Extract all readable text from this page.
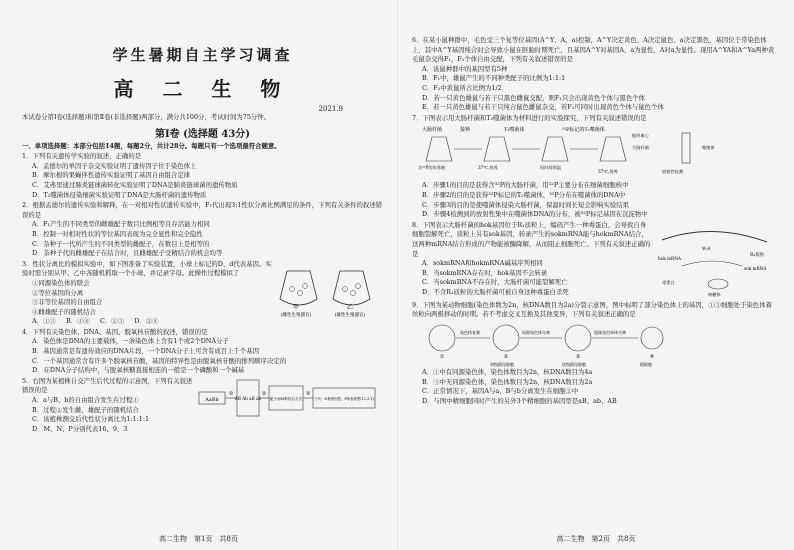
学生暑期自主学习调查
高 二 生 物
2021.9
本试卷分第Ⅰ卷(选择题)和第Ⅱ卷(非选择题)两部分，满分共100分，考试时间为75分钟。
第Ⅰ卷 (选择题 43分)
一、单项选择题：本部分包括14题，每题2分，共计28分。每题只有一个选项最符合题意。
1．下列有关遗传学实验的叙述，正确的是
A．孟德尔的单因子杂交实验证明了遗传因子位于染色体上
B．摩尔根的果蝇伴性遗传实验证明了基因自由组合定律
C．艾弗里通过肺炎链球菌转化实验证明了DNA是肺炎链球菌的遗传物质
D．T₂噬菌体侵染细菌实验证明了DNA是大肠杆菌的遗传物质
2．根据孟德尔的遗传实验和解释，在一对相对性状遗传实验中，F₂代出现3:1性状分离比例满足的条件，下列有关条件的叙述错误的是
A．F₁产生的不同类型的雌雄配子数目比例相等且存活能力相同
B．控制一对相对性状的等位基因表现为完全显性和完全隐性
C．杂种子一代所产生的不同类型的雌配子，在数目上是相等的
D．杂种子代的雌雄配子在结合时，且雌雄配子受精结合的机会均等
3．性状分离比的模拟实验中，如下图准备了实验装置，小球上标记的D、d代表基因。实验时需分别从甲、乙中各随机抓取一个小球，并记录字母。此操作过程模拟了
①同源染色体的联会
②等位基因的分离
③非等位基因的自由组合
④雌雄配子的随机结合
A．①③ B．①④ C．②③ D．②④
甲	乙
(雌性生殖器官)	(雄性生殖器官)
4．下列有关染色体、DNA、基因、脱氧核苷酸的叙述，错误的是
A．染色体是DNA的主要载体，一条染色体上含有1个或2个DNA分子
B．基因通常是有遗传效应的DNA片段，一个DNA分子上可含有成百上千个基因
C．一个基因通常含有许多个脱氧核苷酸，基因的特异性是由脱氧核苷酸的排列顺序决定的
D．在DNA分子结构中，与脱氧核糖直接相连的一般是一个磷酸和一个碱基
5．右图为某植株自交产生后代过程的示意图，下列有关叙述错误的是
A．a与B、b的自由组合发生在过程①
B．过程②发生雌、雄配子的随机结合
C．该植株测交后代性状分离比为1:1:1:1
D．M、N、P分别代表16、9、3
AaBb
①
AB Ab aB ab
②
配子间M种结合方式
③
子代：N种基因型，P种表现型(12:3:1)
高二生物　第1页　共8页
6．在某小鼠种群中，毛色受三个复等位基因(A^Y、A、a)控制，A^Y决定黄色、A决定鼠色、a决定黑色，基因位于常染色体上，其中A^Y基因纯合时会导致小鼠在胚胎时期死亡，且基因A^Y对基因A、a为显性，A对a为显性。现用A^YA和A^Ya两种黄毛鼠杂交得F₁，F₁个体自由交配，下列有关叙述错误的是
A．该鼠种群中的基因型有5种
B．F₁中，雄鼠产生的不同种类配子的比例为1:1:1
C．F₂中黄鼠所占比例为1/2
D．若一只黄色雄鼠与若干只黑色雌鼠交配，则F₁只会出现黄色个体与黑色个体
E．若一只黄色雄鼠与若干只纯合鼠色雌鼠杂交，若F₁可同时出现黄色个体与鼠色个体
7．下图表示用大肠杆菌和T₂噬菌体为材料进行的实验探究，下列有关叙述错误的是
大肠杆菌	接种	T₂噬菌体	³²P标记的T₂噬菌体
含³²P的培养液	37℃,培养	短时间保温
搅拌离心
大肠杆菌
放射性检测
37℃,培养
噬菌体
A．步骤1的目的是获得含³²P的大肠杆菌，用³²P主要分布在细菌细胞核中
B．步骤2的目的是获得³²P标记的T₂噬菌体，³²P分布在噬菌体的DNA中
C．步骤3的目的是使噬菌体侵染大肠杆菌，保温时间长短会影响实验结果
D．步骤4检测到的放射性集中在噬菌体DNA的分布，被³²P标记基因在沉淀物中
8．下图表示大肠杆菌的hok基因位于R₁质粒上，编码产生一种毒蛋白，会导致自身细胞裂解死亡，质粒上另有sok基因，转录产生的sokmRNA能与hokmRNA结合，这两种mRNA结合形成的产物能被酶降解，从而阻止细胞死亡。下列有关叙述正确的是
A．sokmRNA和hokmRNA碱基序列相同
B．当sokmRNA存在时，hok基因不会转录
C．当sokmRNA不存在时，大肠杆菌可能裂解死亡
D．不含R₁质粒的大肠杆菌可被自身这种毒蛋白杀死
R₁质粒
hok mRNA
sok mRNA
毒蛋白
转录
核糖体
9．下图为某动物细胞(染色体数为2n，核DNA数目为2a)分裂示意图，图中标明了部分染色体上的基因，①③细胞处于染色体着丝粒向两极移动的时期。若不考虑交叉互换及其他变异，下列有关叙述正确的是
①
染色体复制
②
初级精母细胞
同源染色体分离
③
次级精母细胞
姐妹染色单体分离
④
精细胞
A．①中有同源染色体，染色体数目为2n，核DNA数目为4a
B．③中无同源染色体，染色体数目为2n，核DNA数目为2a
C．正常情况下，基因A与a、B与b分离发生在细胞②中
D．与图中精细胞同时产生的另外3个精细胞的基因型是aB、ab、AB
高二生物　第2页　共8页
